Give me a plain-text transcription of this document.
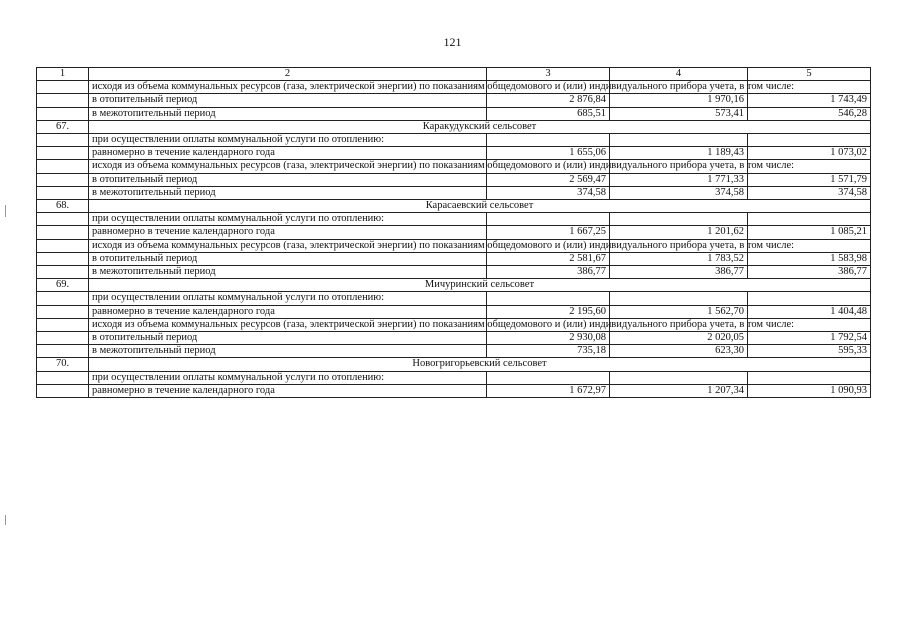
121
1	2	3	4	5
	исходя из объема коммунальных ресурсов (газа, электрической энергии) по показаниям общедомового и (или) индивидуального прибора учета, в том числе:			
	в отопительный период	2 876,84	1 970,16	1 743,49
	в межотопительный период	685,51	573,41	546,28
67.	Каракудукский сельсовет			
	при осуществлении оплаты коммунальной услуги по отоплению:			
	равномерно в течение календарного года	1 655,06	1 189,43	1 073,02
	исходя из объема коммунальных ресурсов (газа, электрической энергии) по показаниям общедомового и (или) индивидуального прибора учета, в том числе:			
	в отопительный период	2 569,47	1 771,33	1 571,79
	в межотопительный период	374,58	374,58	374,58
68.	Карасаевский сельсовет			
	при осуществлении оплаты коммунальной услуги по отоплению:			
	равномерно в течение календарного года	1 667,25	1 201,62	1 085,21
	исходя из объема коммунальных ресурсов (газа, электрической энергии) по показаниям общедомового и (или) индивидуального прибора учета, в том числе:			
	в отопительный период	2 581,67	1 783,52	1 583,98
	в межотопительный период	386,77	386,77	386,77
69.	Мичуринский сельсовет			
	при осуществлении оплаты коммунальной услуги по отоплению:			
	равномерно в течение календарного года	2 195,60	1 562,70	1 404,48
	исходя из объема коммунальных ресурсов (газа, электрической энергии) по показаниям общедомового и (или) индивидуального прибора учета, в том числе:			
	в отопительный период	2 930,08	2 020,05	1 792,54
	в межотопительный период	735,18	623,30	595,33
70.	Новогригорьевский сельсовет			
	при осуществлении оплаты коммунальной услуги по отоплению:			
	равномерно в течение календарного года	1 672,97	1 207,34	1 090,93
